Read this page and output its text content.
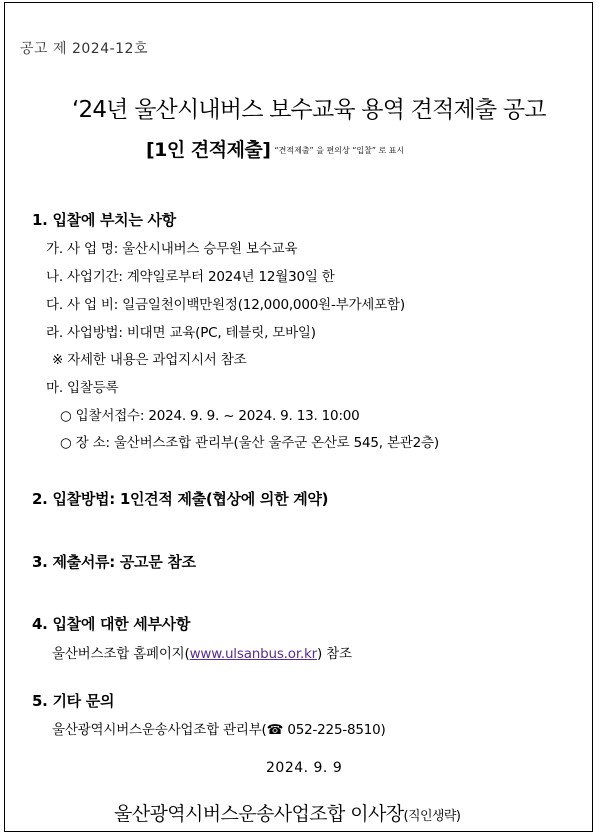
공고 제 2024-12호
‘24년 울산시내버스 보수교육 용역 견적제출 공고
[1인 견적제출] “견적제출” 을 편의상 “입찰” 로 표시
1. 입찰에 부치는 사항
가. 사 업 명: 울산시내버스 승무원 보수교육
나. 사업기간: 계약일로부터 2024년 12월30일 한
다. 사 업 비: 일금일천이백만원정(12,000,000원-부가세포함)
라. 사업방법: 비대면 교육(PC, 테블릿, 모바일)
※ 자세한 내용은 과업지시서 참조
마. 입찰등록
○ 입찰서접수: 2024. 9. 9. ~ 2024. 9. 13. 10:00
○ 장 소: 울산버스조합 관리부(울산 울주군 온산로 545, 본관2층)
2. 입찰방법: 1인견적 제출(협상에 의한 계약)
3. 제출서류: 공고문 참조
4. 입찰에 대한 세부사항
울산버스조합 홈페이지(www.ulsanbus.or.kr) 참조
5. 기타 문의
울산광역시버스운송사업조합 관리부(☎ 052-225-8510)
2024. 9. 9
울산광역시버스운송사업조합 이사장(직인생략)
